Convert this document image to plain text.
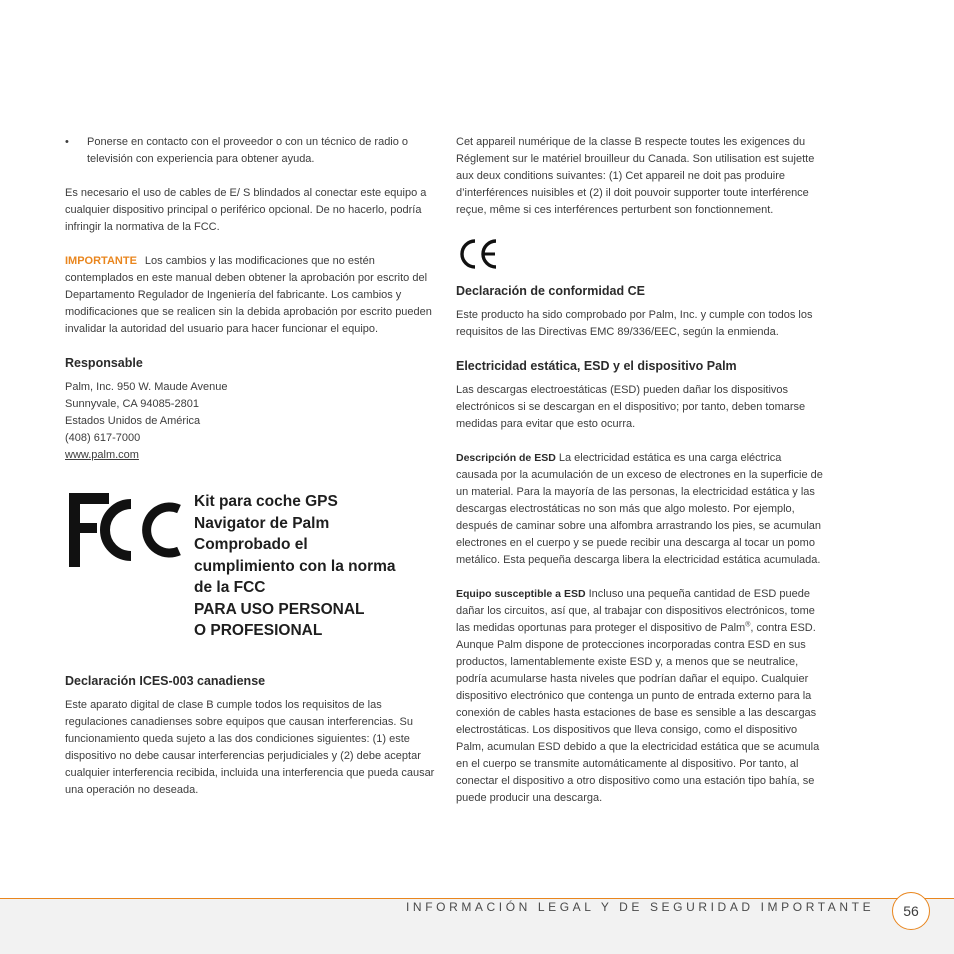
• Ponerse en contacto con el proveedor o con un técnico de radio o televisión con experiencia para obtener ayuda.

Es necesario el uso de cables de E/ S blindados al conectar este equipo a cualquier dispositivo principal o periférico opcional. De no hacerlo, podría infringir la normativa de la FCC.

IMPORTANTE Los cambios y las modificaciones que no estén contemplados en este manual deben obtener la aprobación por escrito del Departamento Regulador de Ingeniería del fabricante. Los cambios y modificaciones que se realicen sin la debida aprobación por escrito pueden invalidar la autoridad del usuario para hacer funcionar el equipo.

Responsable
Palm, Inc. 950 W. Maude Avenue
Sunnyvale, CA 94085-2801
Estados Unidos de América
(408) 617-7000
www.palm.com
Kit para coche GPS
Navigator de Palm
Comprobado el
cumplimiento con la norma
de la FCC
PARA USO PERSONAL
O PROFESIONAL
Declaración ICES-003 canadiense

Este aparato digital de clase B cumple todos los requisitos de las regulaciones canadienses sobre equipos que causan interferencias. Su funcionamiento queda sujeto a las dos condiciones siguientes: (1) este dispositivo no debe causar interferencias perjudiciales y (2) debe aceptar cualquier interferencia recibida, incluida una interferencia que pueda causar una operación no deseada.

Cet appareil numérique de la classe B respecte toutes les exigences du Réglement sur le matériel brouilleur du Canada. Son utilisation est sujette aux deux conditions suivantes: (1) Cet appareil ne doit pas produire d’interférences nuisibles et (2) il doit pouvoir supporter toute interférence reçue, même si ces interférences perturbent son fonctionnement.

Declaración de conformidad CE

Este producto ha sido comprobado por Palm, Inc. y cumple con todos los requisitos de las Directivas EMC 89/336/EEC, según la enmienda.

Electricidad estática, ESD y el dispositivo Palm

Las descargas electroestáticas (ESD) pueden dañar los dispositivos electrónicos si se descargan en el dispositivo; por tanto, deben tomarse medidas para evitar que esto ocurra.

Descripción de ESD La electricidad estática es una carga eléctrica causada por la acumulación de un exceso de electrones en la superficie de un material. Para la mayoría de las personas, la electricidad estática y las descargas electrostáticas no son más que algo molesto. Por ejemplo, después de caminar sobre una alfombra arrastrando los pies, se acumulan electrones en el cuerpo y se puede recibir una descarga al tocar un pomo metálico. Esta pequeña descarga libera la electricidad estática acumulada.

Equipo susceptible a ESD Incluso una pequeña cantidad de ESD puede dañar los circuitos, así que, al trabajar con dispositivos electrónicos, tome las medidas oportunas para proteger el dispositivo de Palm®, contra ESD. Aunque Palm dispone de protecciones incorporadas contra ESD en sus productos, lamentablemente existe ESD y, a menos que se neutralice, podría acumularse hasta niveles que podrían dañar el equipo. Cualquier dispositivo electrónico que contenga un punto de entrada externo para la conexión de cables hasta estaciones de base es sensible a las descargas electrostáticas. Los dispositivos que lleva consigo, como el dispositivo Palm, acumulan ESD debido a que la electricidad estática que se acumula en el cuerpo se transmite automáticamente al dispositivo. Por tanto, al conectar el dispositivo a otro dispositivo como una estación tipo bahía, se puede producir una descarga.

INFORMACIÓN LEGAL Y DE SEGURIDAD IMPORTANTE	56
